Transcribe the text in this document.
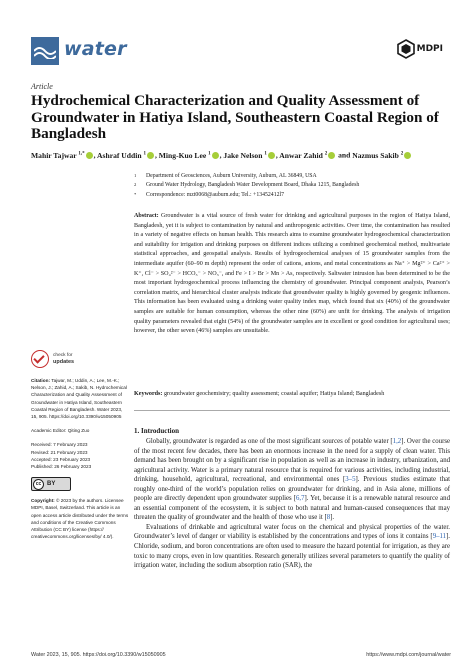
water	MDPI
Article
Hydrochemical Characterization and Quality Assessment of Groundwater in Hatiya Island, Southeastern Coastal Region of Bangladesh
Mahir Tajwar $^{1,*}$ , Ashraf Uddin $^1$ , Ming-Kuo Lee $^1$ , Jake Nelson $^1$ , Anwar Zahid $^2$ and Nazmus Sakib $^2$
1 Department of Geosciences, Auburn University, Auburn, AL 36849, USA
2 Ground Water Hydrology, Bangladesh Water Development Board, Dhaka 1215, Bangladesh
* Correspondence: mzt0068@auburn.edu; Tel.: +13452412l7
Abstract: Groundwater is a vital source of fresh water for drinking and agricultural purposes in the region of Hatiya Island, Bangladesh, yet it is subject to contamination by natural and anthropogenic activities. Over time, the contamination has resulted in a variety of negative effects on human health. This research aims to examine groundwater hydrogeochemical characterization and suitability for irrigation and drinking purposes on different indices utilizing a combined geochemical method, multivariate statistical approaches, and geospatial analysis. Results of hydrogeochemical analyses of 15 groundwater samples from the intermediate aquifer (60–90 m depth) represent the order of cations, anions, and metal concentrations as Na⁺ > Mg²⁺ > Ca²⁺ > K⁺, Cl⁻ > SO₄²⁻ > HCO₃⁻ > NO₃⁻, and Fe > I > Br > Mn > As, respectively. Saltwater intrusion has been determined to be the most important hydrogeochemical process influencing the chemistry of groundwater. Principal component analysis, Pearson’s correlation matrix, and hierarchical cluster analysis indicate that groundwater quality is highly governed by geogenic influences. This information has been evaluated using a drinking water quality index map, which found that six (40%) of the groundwater samples are suitable for human consumption, whereas the other nine (60%) are unfit for drinking. The analysis of irrigation quality parameters revealed that eight (54%) of the groundwater samples are in excellent or good condition for agricultural uses; however, the other seven (46%) samples are unsuitable.
Keywords: groundwater geochemistry; quality assessment; coastal aquifer; Hatiya Island; Bangladesh
1. Introduction

Globally, groundwater is regarded as one of the most significant sources of potable water [1,2]. Over the course of the most recent few decades, there has been an enormous increase in the need for a supply of clean water. This demand has been brought on by a significant rise in population as well as an increase in industry, urbanization, and agricultural activity. Water is a primary natural resource that is required for various activities, including industrial, drinking, household, agricultural, recreational, and environmental ones [3–5]. Previous studies estimate that roughly one-third of the world’s population relies on groundwater for drinking, and in Asia alone, millions of people are directly dependent upon groundwater supplies [6,7]. Yet, because it is a renewable natural resource and an essential component of the ecosystem, it is subject to both natural and human-caused consequences that may threaten the quality of groundwater and the health of those who use it [8].

Evaluations of drinkable and agricultural water focus on the chemical and physical properties of the water. Groundwater’s level of danger or viability is established by the concentrations and types of ions it contains [9–11]. Chloride, sodium, and boron concentrations are often used to measure the hazard potential for irrigation, as they are toxic to many crops, even in low quantities. Research generally utilizes several parameters to quantify the quality of irrigation water, including the sodium absorption ratio (SAR), the

check for
updates
Citation: Tajwar, M.; Uddin, A.; Lee, M.-K.; Nelson, J.; Zahid, A.; Sakib, N. Hydrochemical Characterization and Quality Assessment of Groundwater in Hatiya Island, Southeastern Coastal Region of Bangladesh. Water 2023, 15, 905. https://doi.org/10.3390/w15050905
Academic Editor: Qiting Zuo
Received: 7 February 2023
Revised: 21 February 2023
Accepted: 23 February 2023
Published: 26 February 2023
cc BY
Copyright: © 2023 by the authors. Licensee MDPI, Basel, Switzerland. This article is an open access article distributed under the terms and conditions of the Creative Commons Attribution (CC BY) license (https:// creativecommons.org/licenses/by/ 4.0/).
Water 2023, 15, 905. https://doi.org/10.3390/w15050905	https://www.mdpi.com/journal/water
